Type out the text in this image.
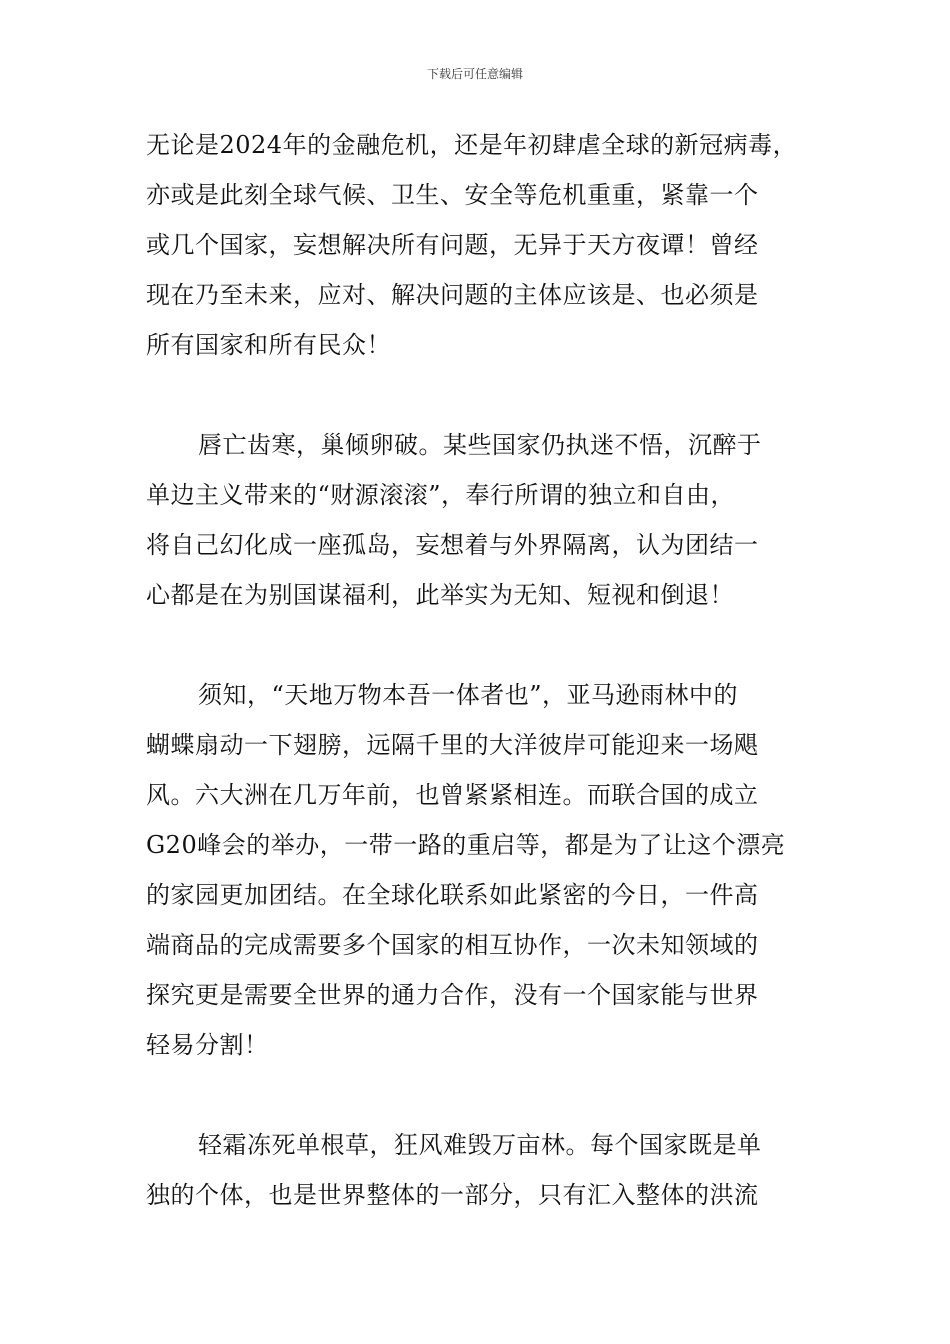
下载后可任意编辑

无论是2024年的金融危机，还是年初肆虐全球的新冠病毒，
亦或是此刻全球气候、卫生、安全等危机重重，紧靠一个
或几个国家，妄想解决所有问题，无异于天方夜谭！曾经
现在乃至未来，应对、解决问题的主体应该是、也必须是
所有国家和所有民众！

唇亡齿寒，巢倾卵破。某些国家仍执迷不悟，沉醉于
单边主义带来的“财源滚滚”，奉行所谓的独立和自由，
将自己幻化成一座孤岛，妄想着与外界隔离，认为团结一
心都是在为别国谋福利，此举实为无知、短视和倒退！

须知，“天地万物本吾一体者也”，亚马逊雨林中的
蝴蝶扇动一下翅膀，远隔千里的大洋彼岸可能迎来一场飓
风。六大洲在几万年前，也曾紧紧相连。而联合国的成立
G20峰会的举办，一带一路的重启等，都是为了让这个漂亮
的家园更加团结。在全球化联系如此紧密的今日，一件高
端商品的完成需要多个国家的相互协作，一次未知领域的
探究更是需要全世界的通力合作，没有一个国家能与世界
轻易分割！

轻霜冻死单根草，狂风难毁万亩林。每个国家既是单
独的个体，也是世界整体的一部分，只有汇入整体的洪流
